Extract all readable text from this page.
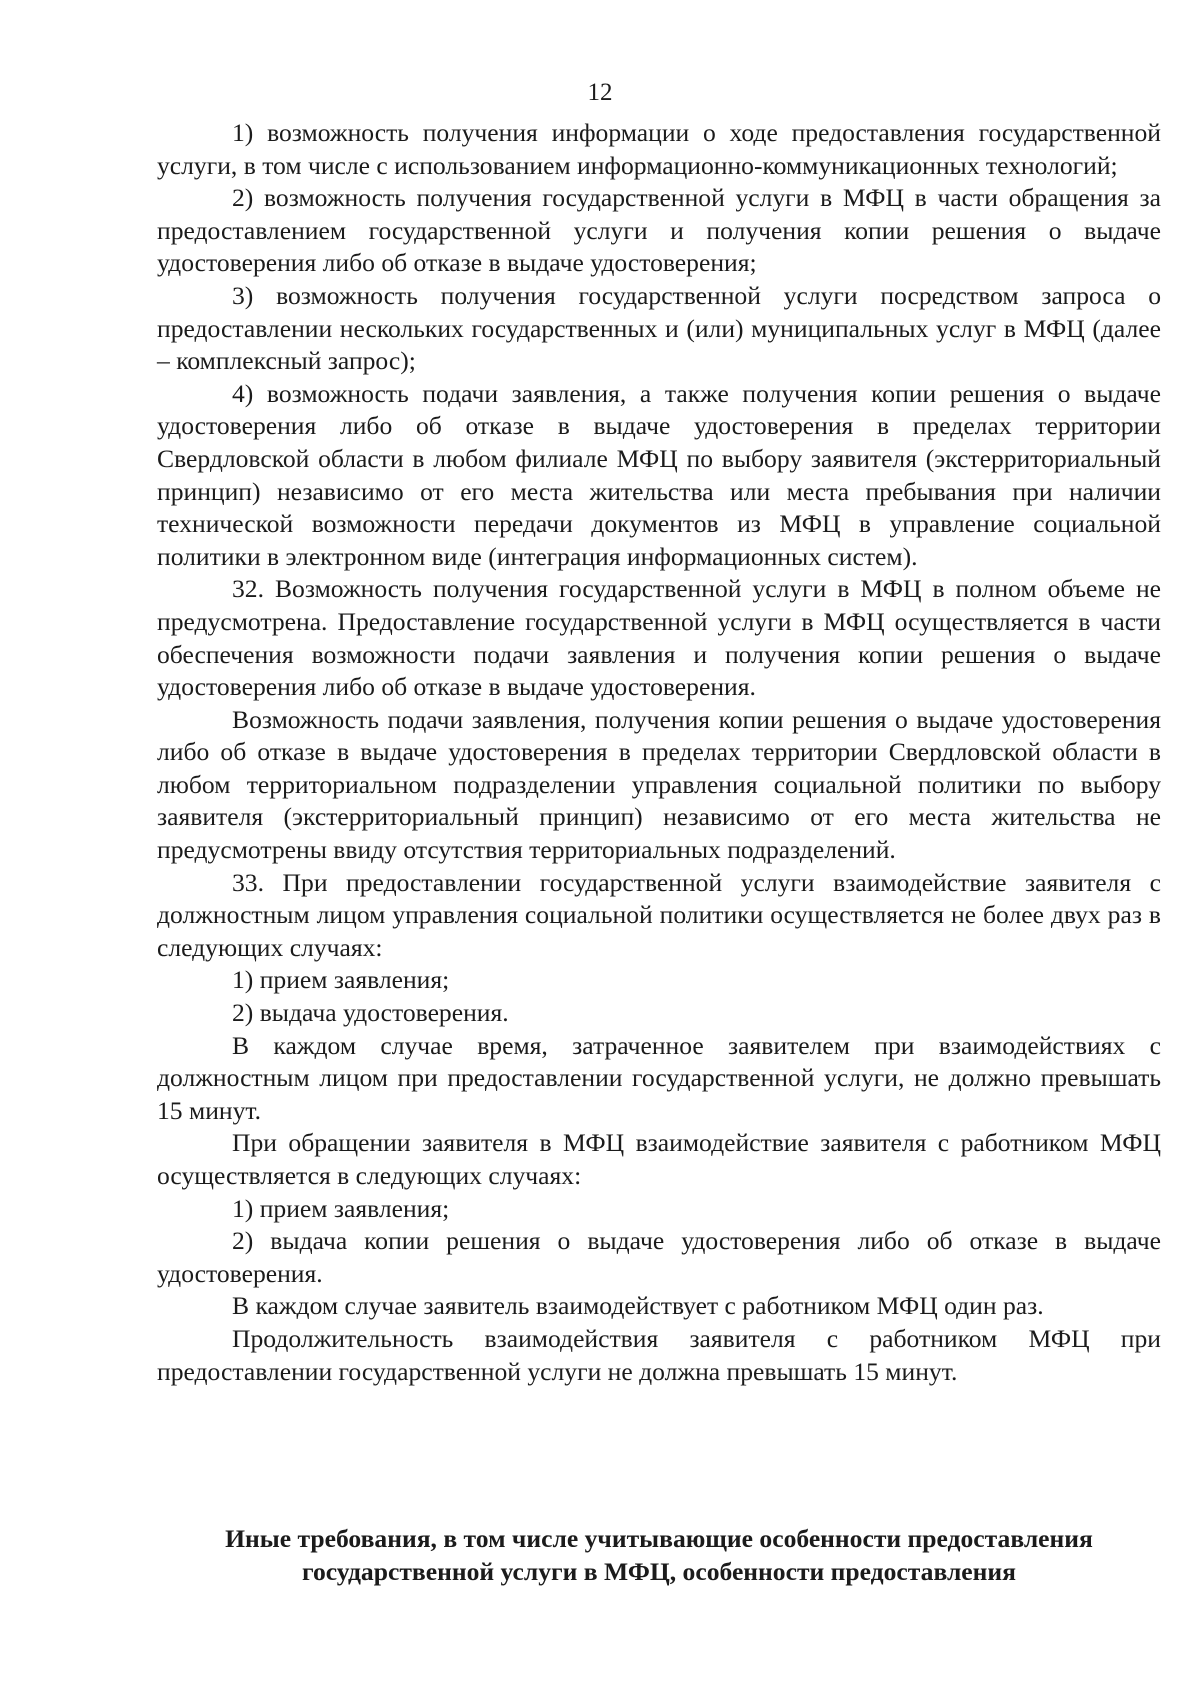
12

1) возможность получения информации о ходе предоставления государственной услуги, в том числе с использованием информационно-коммуникационных технологий;

2) возможность получения государственной услуги в МФЦ в части обращения за предоставлением государственной услуги и получения копии решения о выдаче удостоверения либо об отказе в выдаче удостоверения;

3) возможность получения государственной услуги посредством запроса о предоставлении нескольких государственных и (или) муниципальных услуг в МФЦ (далее – комплексный запрос);

4) возможность подачи заявления, а также получения копии решения о выдаче удостоверения либо об отказе в выдаче удостоверения в пределах территории Свердловской области в любом филиале МФЦ по выбору заявителя (экстерриториальный принцип) независимо от его места жительства или места пребывания при наличии технической возможности передачи документов из МФЦ в управление социальной политики в электронном виде (интеграция информационных систем).

32. Возможность получения государственной услуги в МФЦ в полном объеме не предусмотрена. Предоставление государственной услуги в МФЦ осуществляется в части обеспечения возможности подачи заявления и получения копии решения о выдаче удостоверения либо об отказе в выдаче удостоверения.

Возможность подачи заявления, получения копии решения о выдаче удостоверения либо об отказе в выдаче удостоверения в пределах территории Свердловской области в любом территориальном подразделении управления социальной политики по выбору заявителя (экстерриториальный принцип) независимо от его места жительства не предусмотрены ввиду отсутствия территориальных подразделений.

33. При предоставлении государственной услуги взаимодействие заявителя с должностным лицом управления социальной политики осуществляется не более двух раз в следующих случаях:

1) прием заявления;

2) выдача удостоверения.

В каждом случае время, затраченное заявителем при взаимодействиях с должностным лицом при предоставлении государственной услуги, не должно превышать 15 минут.

При обращении заявителя в МФЦ взаимодействие заявителя с работником МФЦ осуществляется в следующих случаях:

1) прием заявления;

2) выдача копии решения о выдаче удостоверения либо об отказе в выдаче удостоверения.

В каждом случае заявитель взаимодействует с работником МФЦ один раз.

Продолжительность взаимодействия заявителя с работником МФЦ при предоставлении государственной услуги не должна превышать 15 минут.

Иные требования, в том числе учитывающие особенности предоставления
государственной услуги в МФЦ, особенности предоставления
